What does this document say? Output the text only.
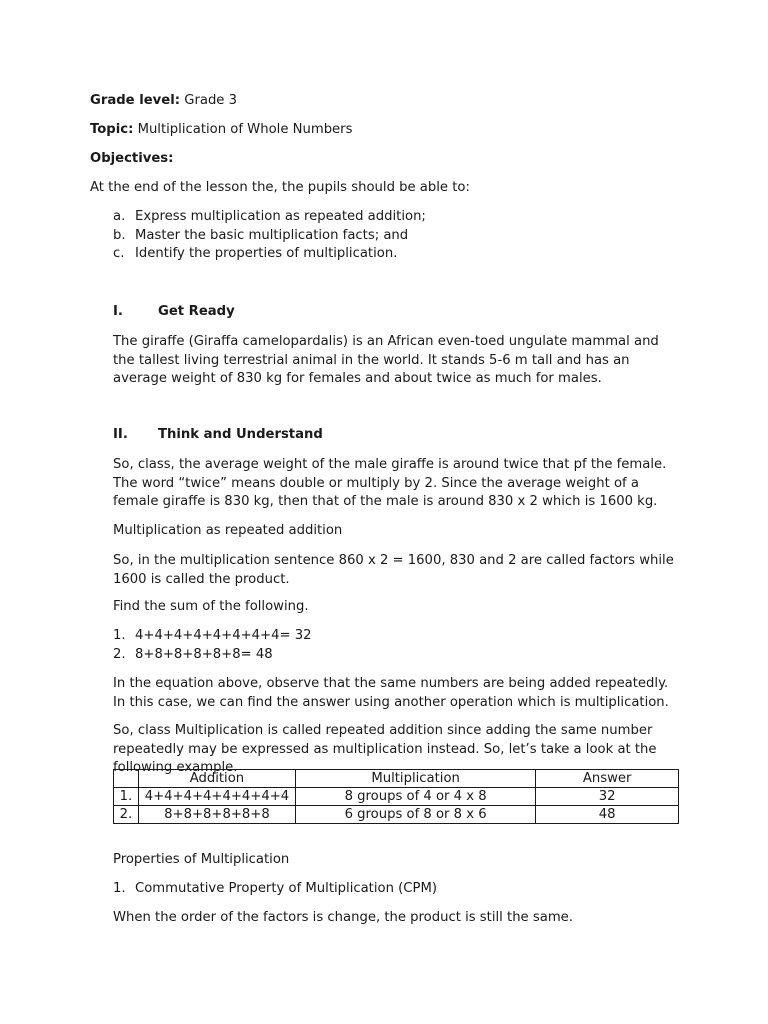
Grade level: Grade 3
Topic: Multiplication of Whole Numbers
Objectives:
At the end of the lesson the, the pupils should be able to:
a. Express multiplication as repeated addition;
b. Master the basic multiplication facts; and
c. Identify the properties of multiplication.
I.	Get Ready
The giraffe (Giraffa camelopardalis) is an African even-toed ungulate mammal and the tallest living terrestrial animal in the world. It stands 5-6 m tall and has an average weight of 830 kg for females and about twice as much for males.
II. Think and Understand
So, class, the average weight of the male giraffe is around twice that pf the female. The word “twice” means double or multiply by 2. Since the average weight of a female giraffe is 830 kg, then that of the male is around 830 x 2 which is 1600 kg.
Multiplication as repeated addition
So, in the multiplication sentence 860 x 2 = 1600, 830 and 2 are called factors while 1600 is called the product.
Find the sum of the following.
1. 4+4+4+4+4+4+4+4= 32
2. 8+8+8+8+8+8= 48
In the equation above, observe that the same numbers are being added repeatedly. In this case, we can find the answer using another operation which is multiplication.
So, class Multiplication is called repeated addition since adding the same number repeatedly may be expressed as multiplication instead. So, let’s take a look at the following example.
	Addition	Multiplication	Answer
1.	4+4+4+4+4+4+4+4	8 groups of 4 or 4 x 8	32
2.	8+8+8+8+8+8	6 groups of 8 or 8 x 6	48
Properties of Multiplication
1. Commutative Property of Multiplication (CPM)
When the order of the factors is change, the product is still the same.
